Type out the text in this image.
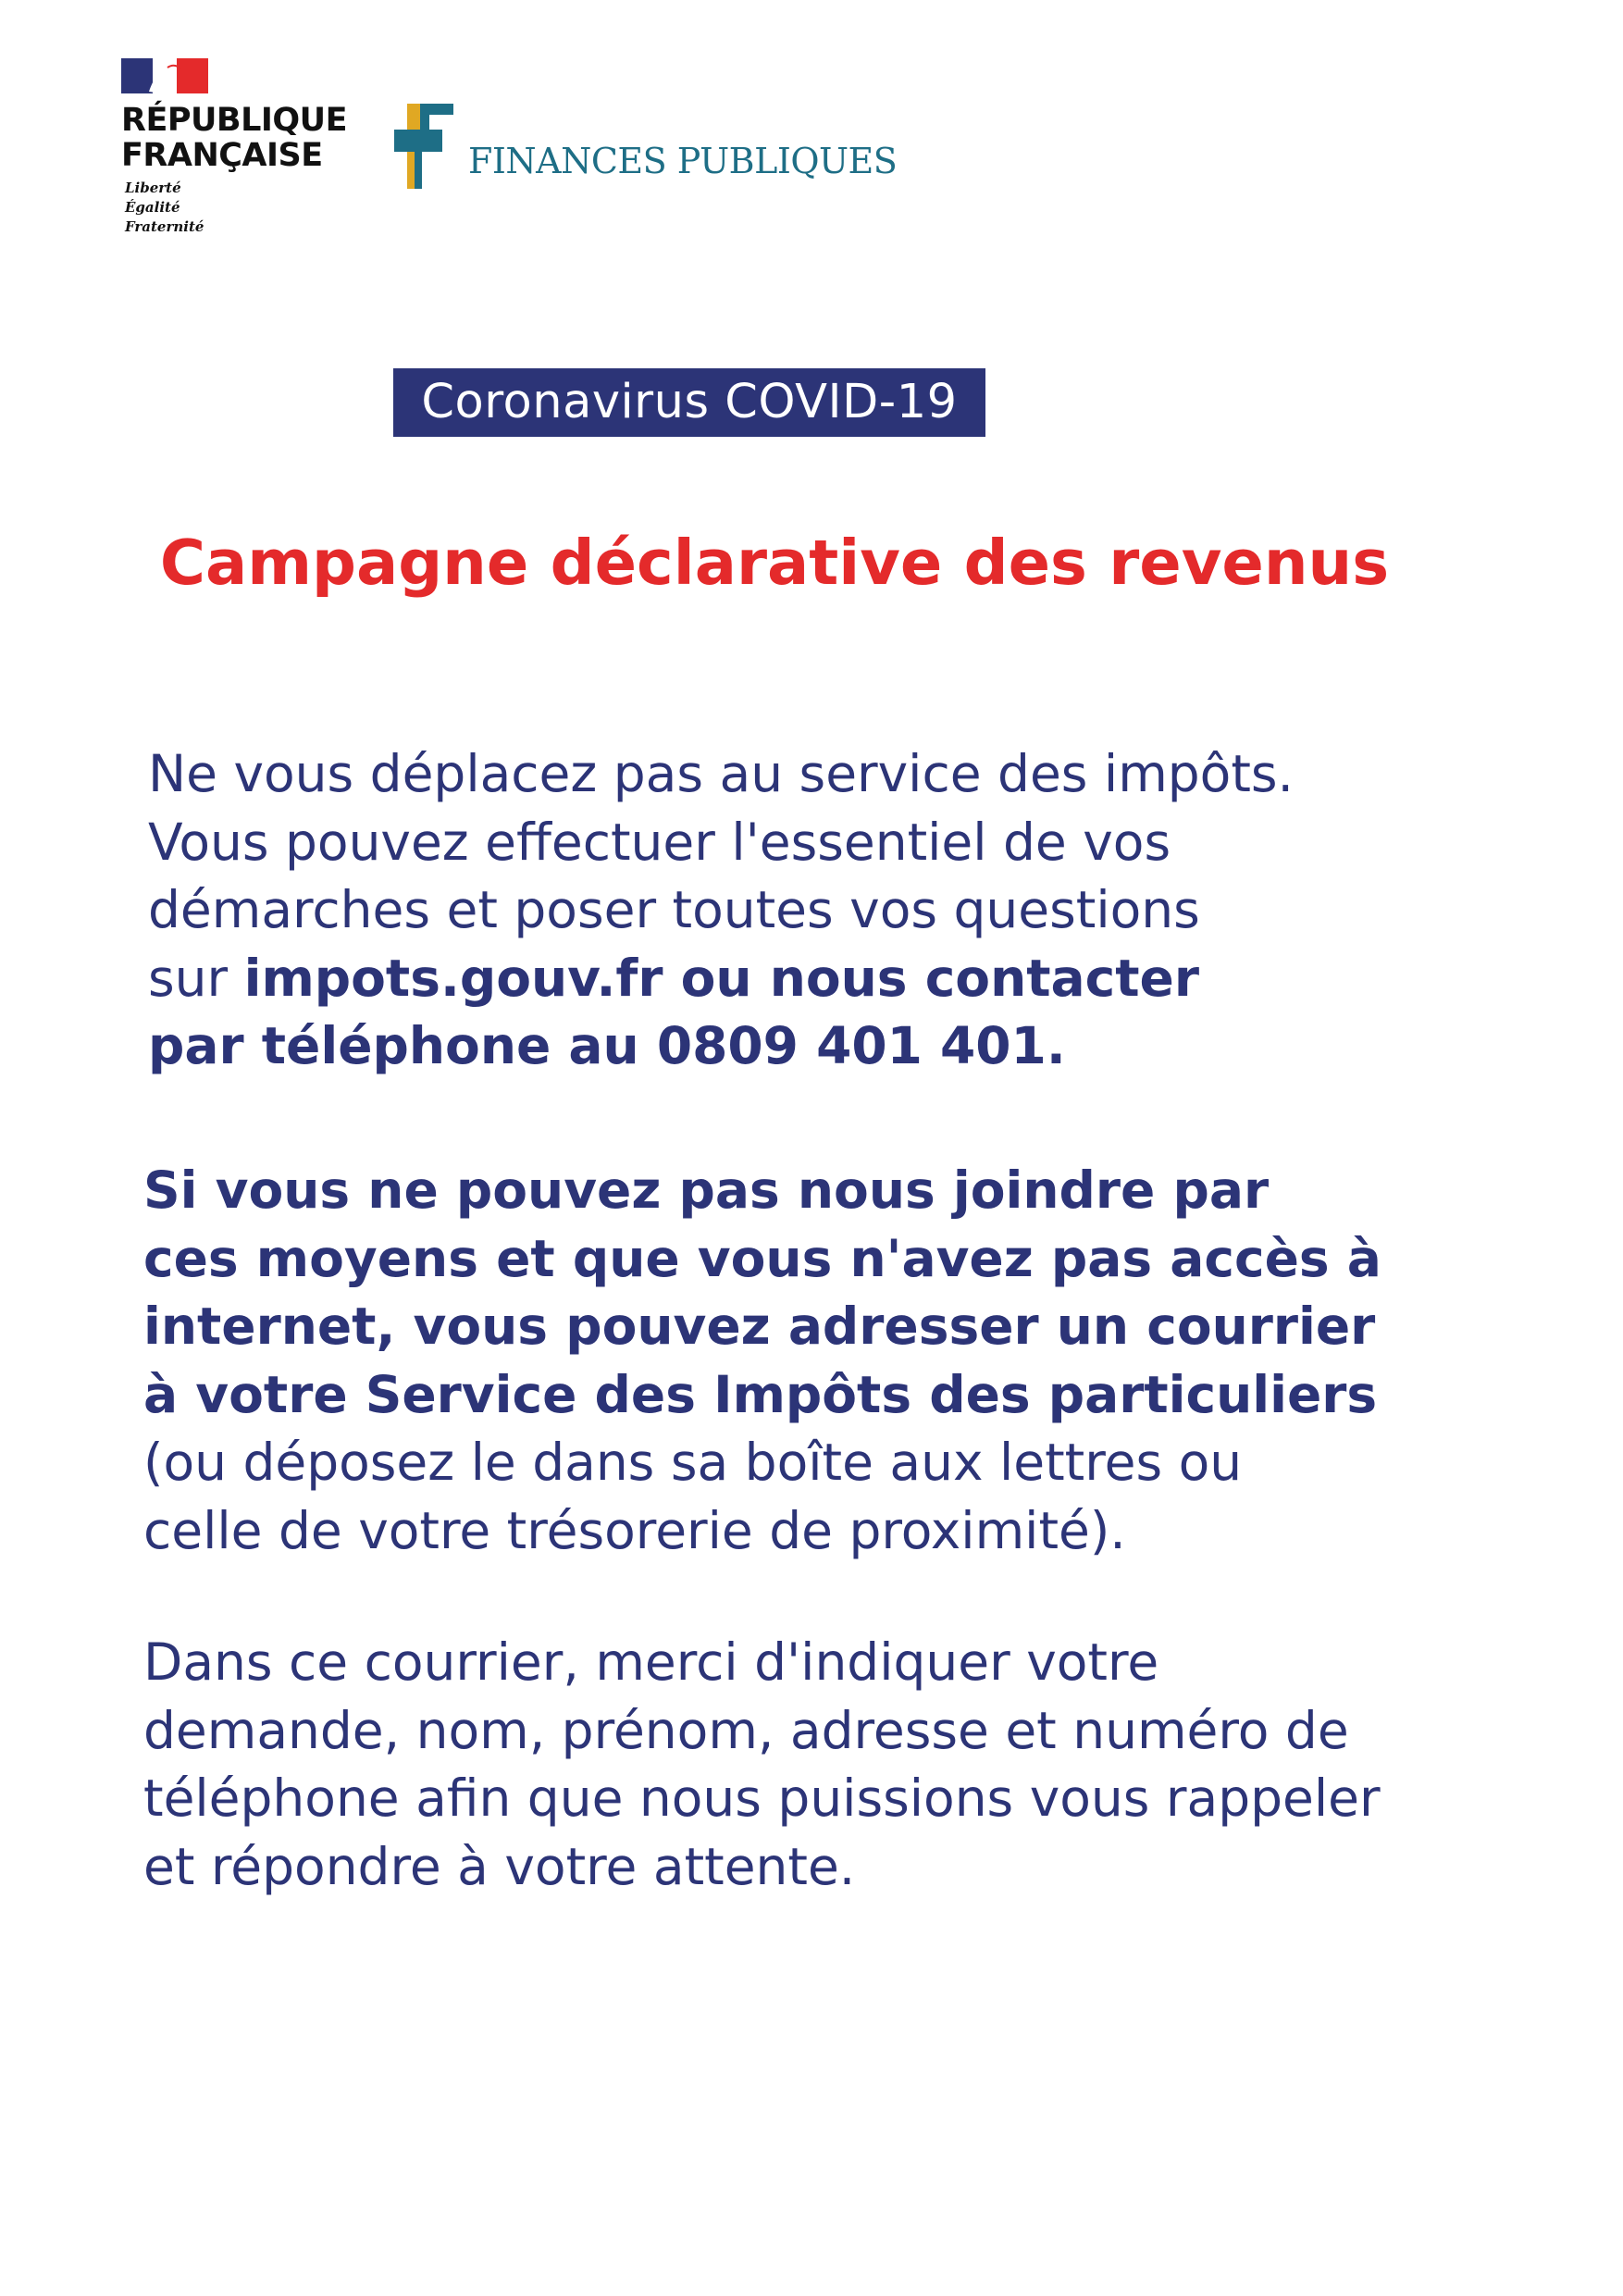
RÉPUBLIQUE
FRANÇAISE
Liberté
Égalité
Fraternité
FINANCES PUBLIQUES
Coronavirus COVID-19
Campagne déclarative des revenus
Ne vous déplacez pas au service des impôts.
Vous pouvez effectuer l'essentiel de vos
démarches et poser toutes vos questions
sur impots.gouv.fr ou nous contacter
par téléphone au 0809 401 401.
Si vous ne pouvez pas nous joindre par
ces moyens et que vous n'avez pas accès à
internet, vous pouvez adresser un courrier
à votre Service des Impôts des particuliers
(ou déposez le dans sa boîte aux lettres ou
celle de votre trésorerie de proximité).
Dans ce courrier, merci d'indiquer votre
demande, nom, prénom, adresse et numéro de
téléphone afin que nous puissions vous rappeler
et répondre à votre attente.
